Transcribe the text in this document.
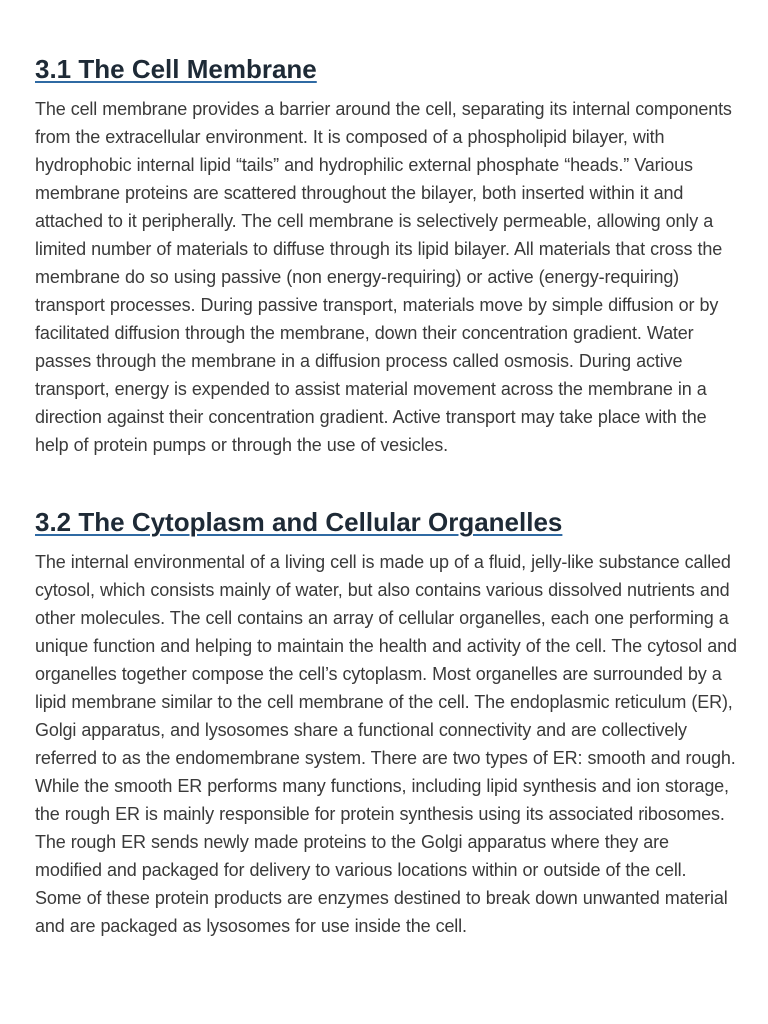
3.1 The Cell Membrane

The cell membrane provides a barrier around the cell, separating its internal components from the extracellular environment. It is composed of a phospholipid bilayer, with hydrophobic internal lipid “tails” and hydrophilic external phosphate “heads.” Various membrane proteins are scattered throughout the bilayer, both inserted within it and attached to it peripherally. The cell membrane is selectively permeable, allowing only a limited number of materials to diffuse through its lipid bilayer. All materials that cross the membrane do so using passive (non energy-requiring) or active (energy-requiring) transport processes. During passive transport, materials move by simple diffusion or by facilitated diffusion through the membrane, down their concentration gradient. Water passes through the membrane in a diffusion process called osmosis. During active transport, energy is expended to assist material movement across the membrane in a direction against their concentration gradient. Active transport may take place with the help of protein pumps or through the use of vesicles.

3.2 The Cytoplasm and Cellular Organelles

The internal environmental of a living cell is made up of a fluid, jelly-like substance called cytosol, which consists mainly of water, but also contains various dissolved nutrients and other molecules. The cell contains an array of cellular organelles, each one performing a unique function and helping to maintain the health and activity of the cell. The cytosol and organelles together compose the cell’s cytoplasm. Most organelles are surrounded by a lipid membrane similar to the cell membrane of the cell. The endoplasmic reticulum (ER), Golgi apparatus, and lysosomes share a functional connectivity and are collectively referred to as the endomembrane system. There are two types of ER: smooth and rough. While the smooth ER performs many functions, including lipid synthesis and ion storage, the rough ER is mainly responsible for protein synthesis using its associated ribosomes. The rough ER sends newly made proteins to the Golgi apparatus where they are modified and packaged for delivery to various locations within or outside of the cell. Some of these protein products are enzymes destined to break down unwanted material and are packaged as lysosomes for use inside the cell.
